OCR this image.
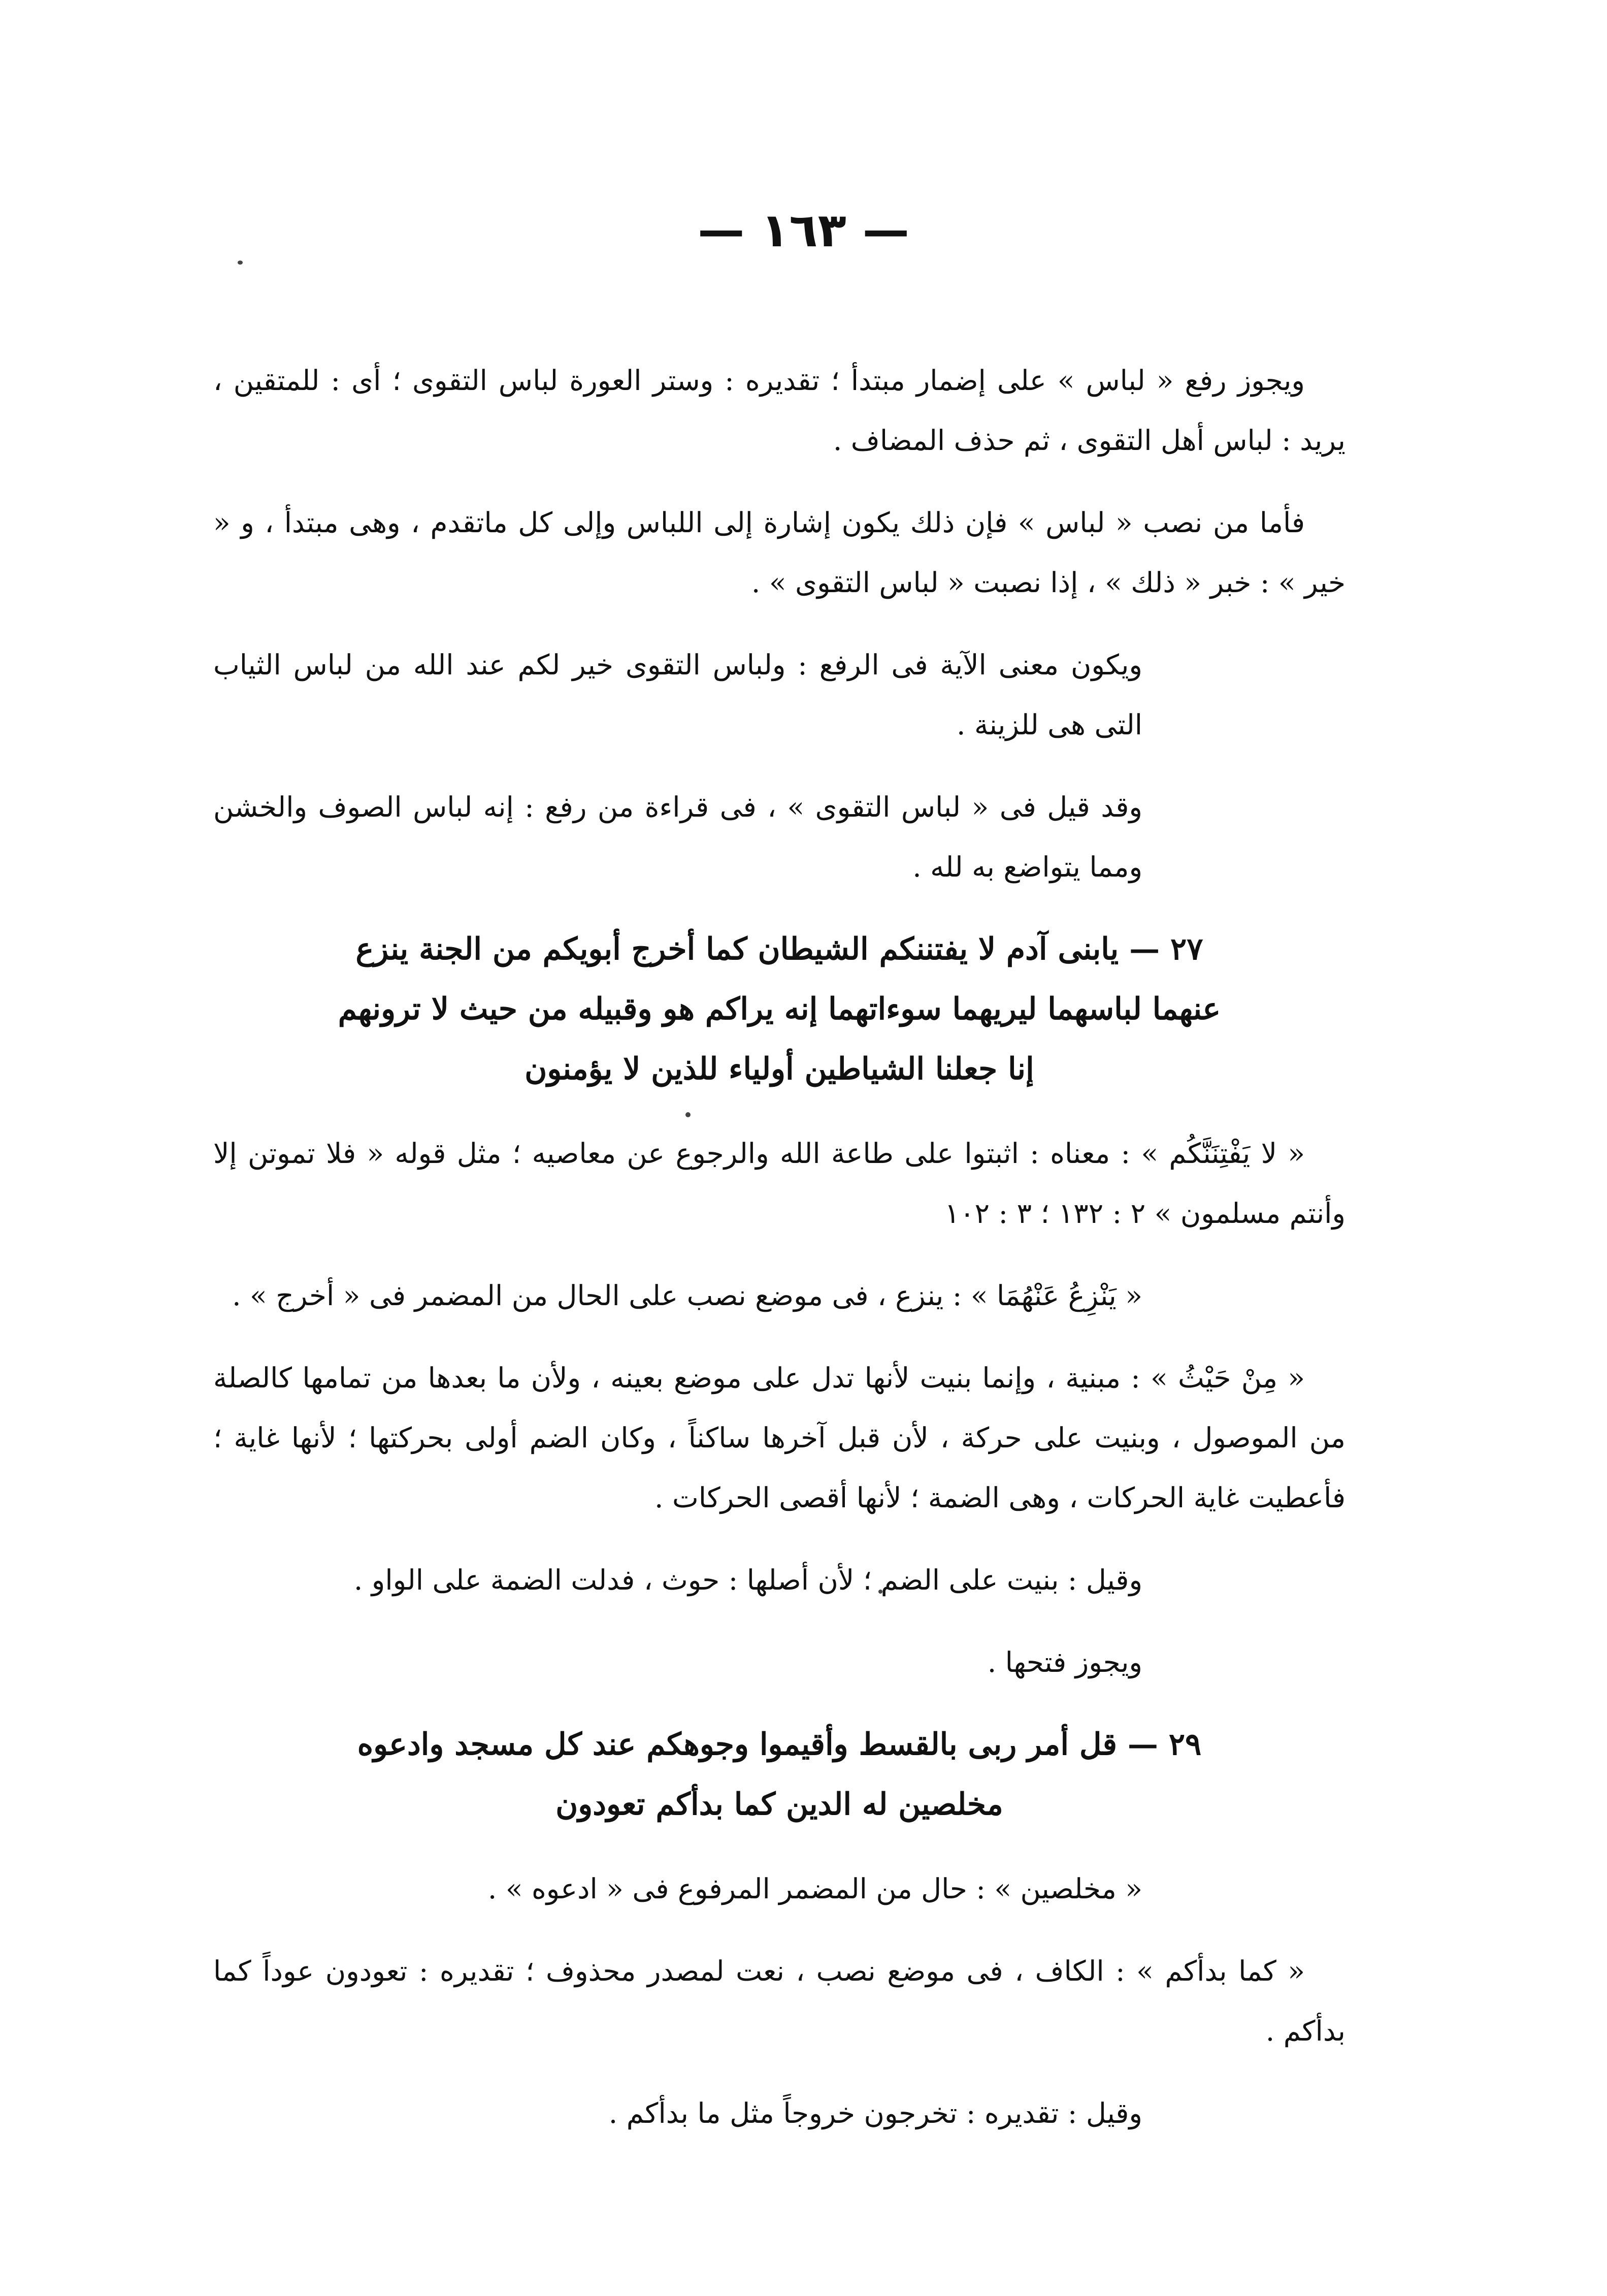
— ١٦٣ —

ويجوز رفع « لباس » على إضمار مبتدأ ؛ تقديره : وستر العورة لباس التقوى ؛ أى : للمتقين ، يريد : لباس أهل التقوى ، ثم حذف المضاف .

فأما من نصب « لباس » فإن ذلك يكون إشارة إلى اللباس وإلى كل ماتقدم ، وهى مبتدأ ، و « خير » : خبر « ذلك » ، إذا نصبت « لباس التقوى » .

ويكون معنى الآية فى الرفع : ولباس التقوى خير لكم عند الله من لباس الثياب التى هى للزينة .

وقد قيل فى « لباس التقوى » ، فى قراءة من رفع : إنه لباس الصوف والخشن ومما يتواضع به لله .

٢٧ — يابنى آدم لا يفتننكم الشيطان كما أخرج أبويكم من الجنة ينزع
عنهما لباسهما ليريهما سوءاتهما إنه يراكم هو وقبيله من حيث لا ترونهم
إنا جعلنا الشياطين أولياء للذين لا يؤمنون

« لا يَفْتِنَنَّكُم » : معناه : اثبتوا على طاعة الله والرجوع عن معاصيه ؛ مثل قوله « فلا تموتن إلا وأنتم مسلمون » ٢ : ١٣٢ ؛ ٣ : ١٠٢

« يَنْزِعُ عَنْهُمَا » : ينزع ، فى موضع نصب على الحال من المضمر فى « أخرج » .

« مِنْ حَيْثُ » : مبنية ، وإنما بنيت لأنها تدل على موضع بعينه ، ولأن ما بعدها من تمامها كالصلة من الموصول ، وبنيت على حركة ، لأن قبل آخرها ساكناً ، وكان الضم أولى بحركتها ؛ لأنها غاية ؛ فأعطيت غاية الحركات ، وهى الضمة ؛ لأنها أقصى الحركات .

وقيل : بنيت على الضم ؛ لأن أصلها : حوث ، فدلت الضمة على الواو .

ويجوز فتحها .

٢٩ — قل أمر ربى بالقسط وأقيموا وجوهكم عند كل مسجد وادعوه
مخلصين له الدين كما بدأكم تعودون

« مخلصين » : حال من المضمر المرفوع فى « ادعوه » .

« كما بدأكم » : الكاف ، فى موضع نصب ، نعت لمصدر محذوف ؛ تقديره : تعودون عوداً كما بدأكم .

وقيل : تقديره : تخرجون خروجاً مثل ما بدأكم .
